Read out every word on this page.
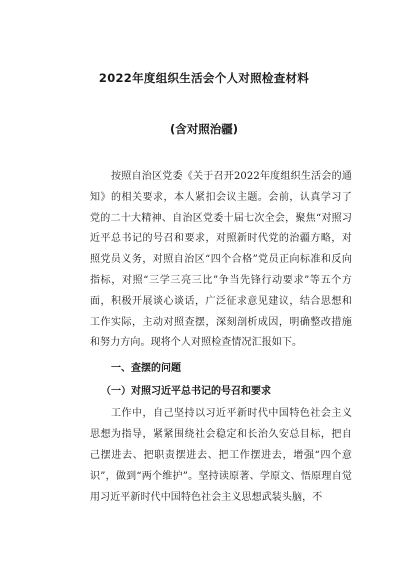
2022年度组织生活会个人对照检查材料
(含对照治疆)

按照自治区党委《关于召开2022年度组织生活会的通知》的相关要求，本人紧扣会议主题。会前，认真学习了党的二十大精神、自治区党委十届七次全会，聚焦“对照习近平总书记的号召和要求，对照新时代党的治疆方略，对照党员义务，对照自治区“四个合格”党员正向标准和反向指标，对照“三学三亮三比”争当先锋行动要求”等五个方面，积极开展谈心谈话，广泛征求意见建议，结合思想和工作实际，主动对照查摆，深刻剖析成因，明确整改措施和努力方向。现将个人对照检查情况汇报如下。

一、查摆的问题
（一）对照习近平总书记的号召和要求

工作中，自己坚持以习近平新时代中国特色社会主义思想为指导，紧紧围绕社会稳定和长治久安总目标，把自己摆进去、把职责摆进去、把工作摆进去，增强“四个意识”，做到“两个维护”。坚持读原著、学原文、悟原理自觉用习近平新时代中国特色社会主义思想武装头脑，不
